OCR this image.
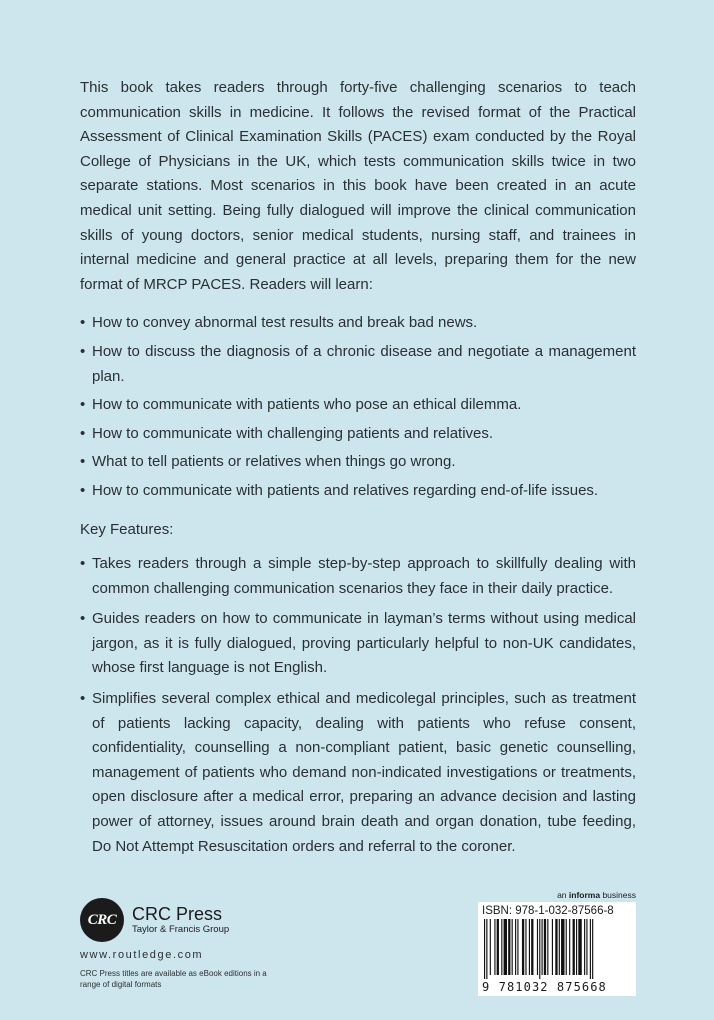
This book takes readers through forty-five challenging scenarios to teach communication skills in medicine. It follows the revised format of the Practical Assessment of Clinical Examination Skills (PACES) exam conducted by the Royal College of Physicians in the UK, which tests communication skills twice in two separate stations. Most scenarios in this book have been created in an acute medical unit setting. Being fully dialogued will improve the clinical communication skills of young doctors, senior medical students, nursing staff, and trainees in internal medicine and general practice at all levels, preparing them for the new format of MRCP PACES. Readers will learn:

• How to convey abnormal test results and break bad news.
• How to discuss the diagnosis of a chronic disease and negotiate a management plan.
• How to communicate with patients who pose an ethical dilemma.
• How to communicate with challenging patients and relatives.
• What to tell patients or relatives when things go wrong.
• How to communicate with patients and relatives regarding end-of-life issues.

Key Features:

• Takes readers through a simple step-by-step approach to skillfully dealing with common challenging communication scenarios they face in their daily practice.
• Guides readers on how to communicate in layman’s terms without using medical jargon, as it is fully dialogued, proving particularly helpful to non-UK candidates, whose first language is not English.
• Simplifies several complex ethical and medicolegal principles, such as treatment of patients lacking capacity, dealing with patients who refuse consent, confidentiality, counselling a non-compliant patient, basic genetic counselling, management of patients who demand non-indicated investigations or treatments, open disclosure after a medical error, preparing an advance decision and lasting power of attorney, issues around brain death and organ donation, tube feeding, Do Not Attempt Resuscitation orders and referral to the coroner.
CRC CRC Press
Taylor & Francis Group
www.routledge.com
CRC Press titles are available as eBook editions in a range of digital formats
an informa business
ISBN: 978-1-032-87566-8
9 781032 875668
